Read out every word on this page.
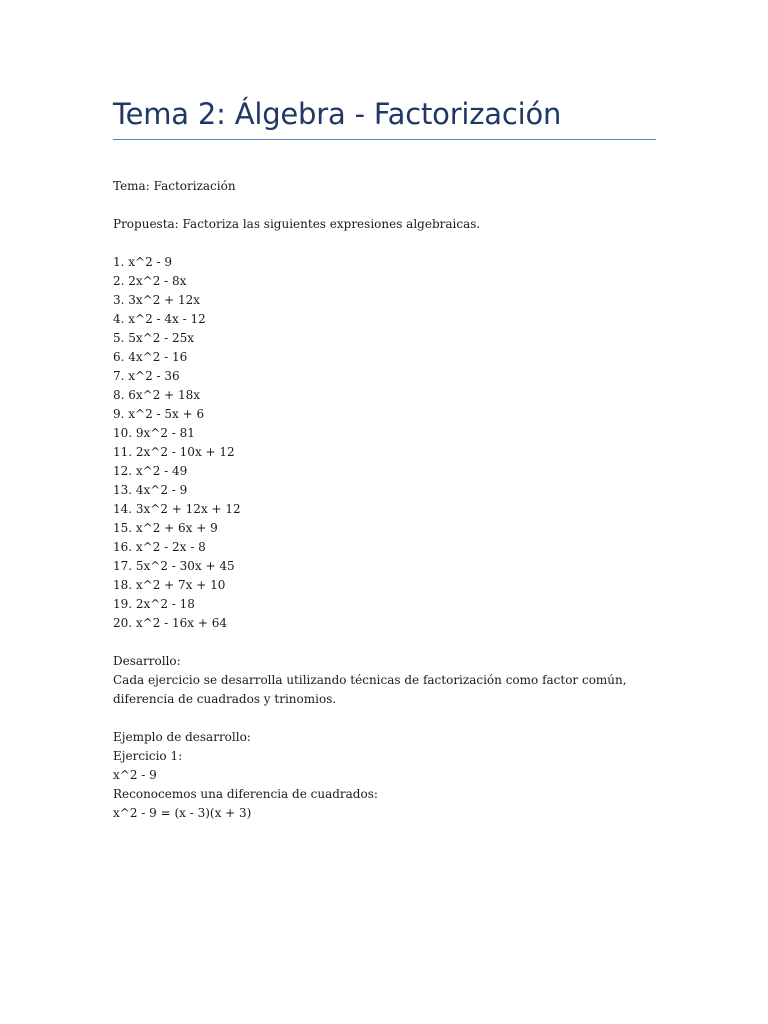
Tema 2: Álgebra - Factorización
Tema: Factorización
Propuesta: Factoriza las siguientes expresiones algebraicas.
1. x^2 - 9
2. 2x^2 - 8x
3. 3x^2 + 12x
4. x^2 - 4x - 12
5. 5x^2 - 25x
6. 4x^2 - 16
7. x^2 - 36
8. 6x^2 + 18x
9. x^2 - 5x + 6
10. 9x^2 - 81
11. 2x^2 - 10x + 12
12. x^2 - 49
13. 4x^2 - 9
14. 3x^2 + 12x + 12
15. x^2 + 6x + 9
16. x^2 - 2x - 8
17. 5x^2 - 30x + 45
18. x^2 + 7x + 10
19. 2x^2 - 18
20. x^2 - 16x + 64
Desarrollo:
Cada ejercicio se desarrolla utilizando técnicas de factorización como factor común, diferencia de cuadrados y trinomios.
Ejemplo de desarrollo:
Ejercicio 1:
x^2 - 9
Reconocemos una diferencia de cuadrados:
x^2 - 9 = (x - 3)(x + 3)
